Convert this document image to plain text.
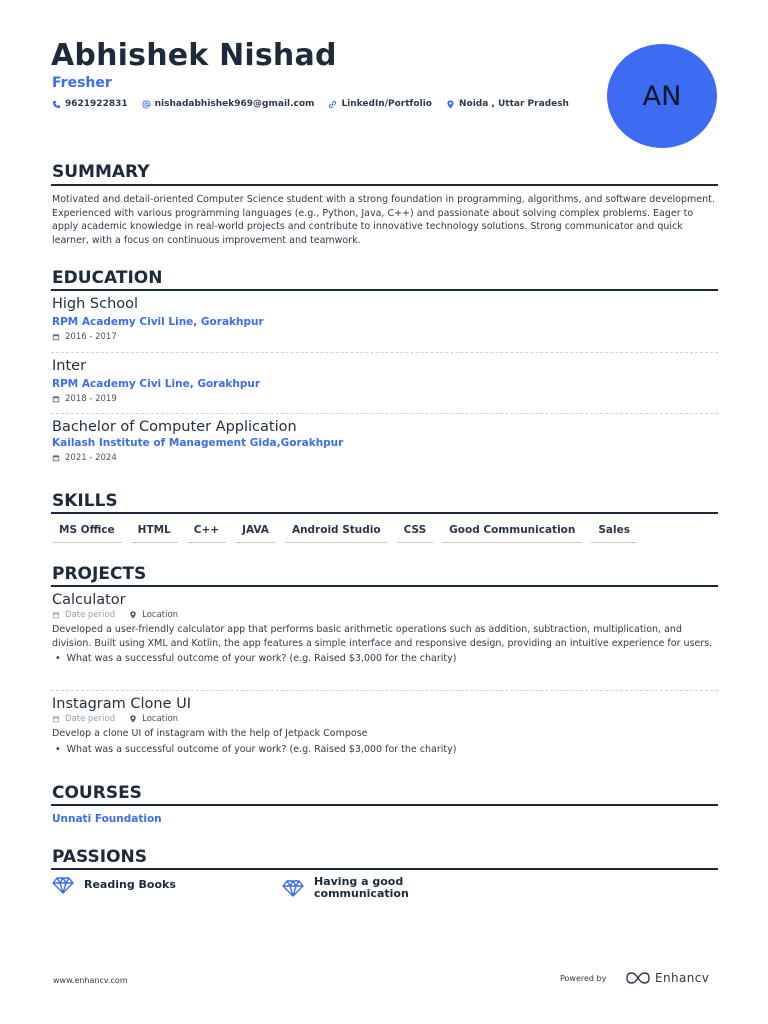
Abhishek Nishad
Fresher
9621922831	nishadabhishek969@gmail.com	LinkedIn/Portfolio	Noida , Uttar Pradesh	AN
SUMMARY
Motivated and detail-oriented Computer Science student with a strong foundation in programming, algorithms, and software development. Experienced with various programming languages (e.g., Python, Java, C++) and passionate about solving complex problems. Eager to apply academic knowledge in real-world projects and contribute to innovative technology solutions. Strong communicator and quick learner, with a focus on continuous improvement and teamwork.
EDUCATION
High School
RPM Academy Civil Line, Gorakhpur
2016 - 2017
Inter
RPM Academy Civi Line, Gorakhpur
2018 - 2019
Bachelor of Computer Application
Kailash Institute of Management Gida,Gorakhpur
2021 - 2024
SKILLS
MS Office	HTML	C++	JAVA	Android Studio	CSS	Good Communication	Sales
PROJECTS
Calculator
Date period	Location
Developed a user-friendly calculator app that performs basic arithmetic operations such as addition, subtraction, multiplication, and division. Built using XML and Kotlin, the app features a simple interface and responsive design, providing an intuitive experience for users.
• What was a successful outcome of your work? (e.g. Raised $3,000 for the charity)
Instagram Clone UI
Date period	Location
Develop a clone UI of instagram with the help of Jetpack Compose
• What was a successful outcome of your work? (e.g. Raised $3,000 for the charity)
COURSES
Unnati Foundation
PASSIONS
Reading Books	Having a good communication
www.enhancv.com	Powered by	Enhancv
